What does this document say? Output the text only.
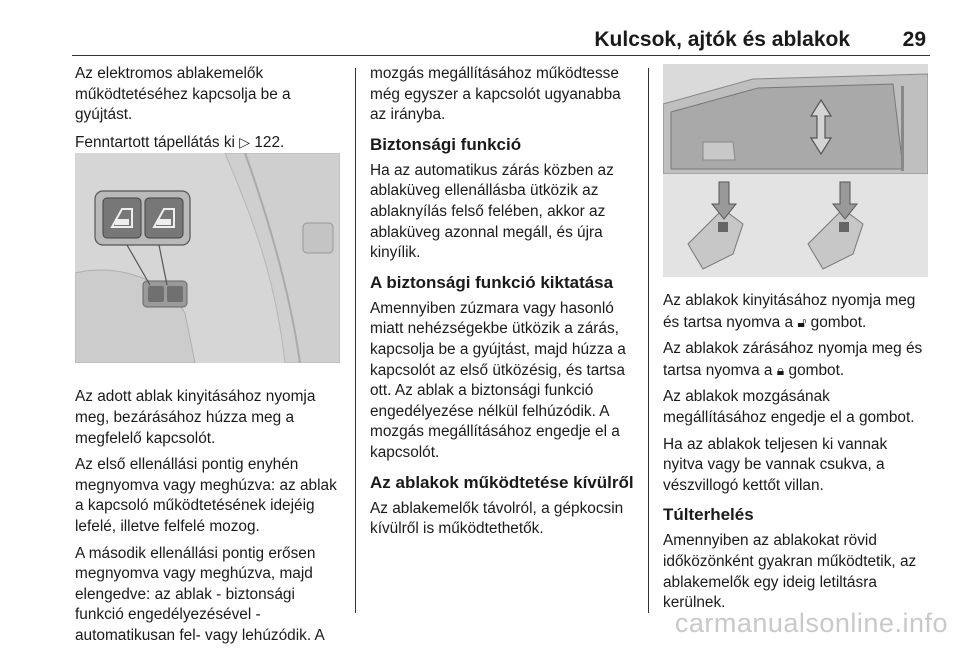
Kulcsok, ajtók és ablakok	29

Az elektromos ablakemelők működtetéséhez kapcsolja be a gyújtást.

Fenntartott tápellátás ki ▷ 122.

Az adott ablak kinyitásához nyomja meg, bezárásához húzza meg a megfelelő kapcsolót.

Az első ellenállási pontig enyhén megnyomva vagy meghúzva: az ablak a kapcsoló működtetésének idejéig lefelé, illetve felfelé mozog.

A második ellenállási pontig erősen megnyomva vagy meghúzva, majd elengedve: az ablak - biztonsági funkció engedélyezésével - automatikusan fel- vagy lehúzódik. A

mozgás megállításához működtesse még egyszer a kapcsolót ugyanabba az irányba.

Biztonsági funkció

Ha az automatikus zárás közben az ablaküveg ellenállásba ütközik az ablaknyílás felső felében, akkor az ablaküveg azonnal megáll, és újra kinyílik.

A biztonsági funkció kiktatása

Amennyiben zúzmara vagy hasonló miatt nehézségekbe ütközik a zárás, kapcsolja be a gyújtást, majd húzza a kapcsolót az első ütközésig, és tartsa ott. Az ablak a biztonsági funkció engedélyezése nélkül felhúzódik. A mozgás megállításához engedje el a kapcsolót.

Az ablakok működtetése kívülről

Az ablakemelők távolról, a gépkocsin kívülről is működtethetők.

Az ablakok kinyitásához nyomja meg és tartsa nyomva a 🔓︎ gombot.

Az ablakok zárásához nyomja meg és tartsa nyomva a 🔒︎ gombot.

Az ablakok mozgásának megállításához engedje el a gombot.

Ha az ablakok teljesen ki vannak nyitva vagy be vannak csukva, a vészvillogó kettőt villan.

Túlterhelés

Amennyiben az ablakokat rövid időközönként gyakran működtetik, az ablakemelők egy ideig letiltásra kerülnek.

carmanualsonline.info
